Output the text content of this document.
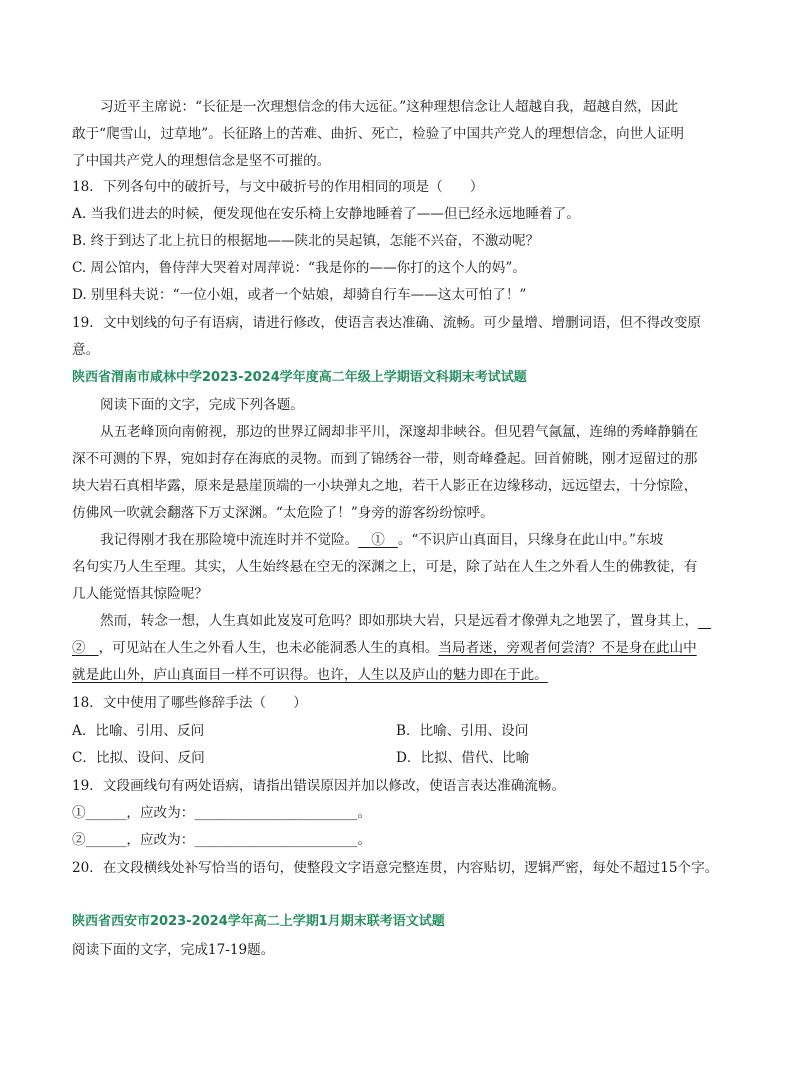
习近平主席说：“长征是一次理想信念的伟大远征。”这种理想信念让人超越自我，超越自然，因此
敢于“爬雪山，过草地”。长征路上的苦难、曲折、死亡，检验了中国共产党人的理想信念，向世人证明
了中国共产党人的理想信念是坚不可摧的。
18．下列各句中的破折号，与文中破折号的作用相同的项是（　　）
A. 当我们进去的时候，便发现他在安乐椅上安静地睡着了——但已经永远地睡着了。
B. 终于到达了北上抗日的根据地——陕北的吴起镇，怎能不兴奋，不激动呢？
C. 周公馆内，鲁侍萍大哭着对周萍说：“我是你的——你打的这个人的妈”。
D. 别里科夫说：“一位小姐，或者一个姑娘，却骑自行车——这太可怕了！”
19．文中划线的句子有语病，请进行修改，使语言表达准确、流畅。可少量增、增删词语，但不得改变原
意。
陕西省渭南市咸林中学2023-2024学年度高二年级上学期语文科期末考试试题
阅读下面的文字，完成下列各题。
从五老峰顶向南俯视，那边的世界辽阔却非平川，深邃却非峡谷。但见碧气氤氲，连绵的秀峰静躺在
深不可测的下界，宛如封存在海底的灵物。而到了锦绣谷一带，则奇峰叠起。回首俯眺，刚才逗留过的那
块大岩石真相毕露，原来是悬崖顶端的一小块弹丸之地，若干人影正在边缘移动，远远望去，十分惊险，
仿佛风一吹就会翻落下万丈深渊。“太危险了！”身旁的游客纷纷惊呼。
我记得刚才我在那险境中流连时并不觉险。 ① 。“不识庐山真面目，只缘身在此山中。”东坡
名句实乃人生至理。其实，人生始终悬在空无的深渊之上，可是，除了站在人生之外看人生的佛教徒，有
几人能觉悟其惊险呢？
然而，转念一想，人生真如此岌岌可危吗？即如那块大岩，只是远看才像弹丸之地罢了，置身其上，
② ，可见站在人生之外看人生，也未必能洞悉人生的真相。当局者迷，旁观者何尝清？不是身在此山中
就是此山外，庐山真面目一样不可识得。也许，人生以及庐山的魅力即在于此。
18．文中使用了哪些修辞手法（　　）
A．比喻、引用、反问	B．比喻、引用、设问
C．比拟、设问、反问	D．比拟、借代、比喻
19．文段画线句有两处语病，请指出错误原因并加以修改，使语言表达准确流畅。
①______，应改为：________________________。
②______，应改为：________________________。
20．在文段横线处补写恰当的语句，使整段文字语意完整连贯，内容贴切，逻辑严密，每处不超过15个字。
陕西省西安市2023-2024学年高二上学期1月期末联考语文试题
阅读下面的文字，完成17-19题。
